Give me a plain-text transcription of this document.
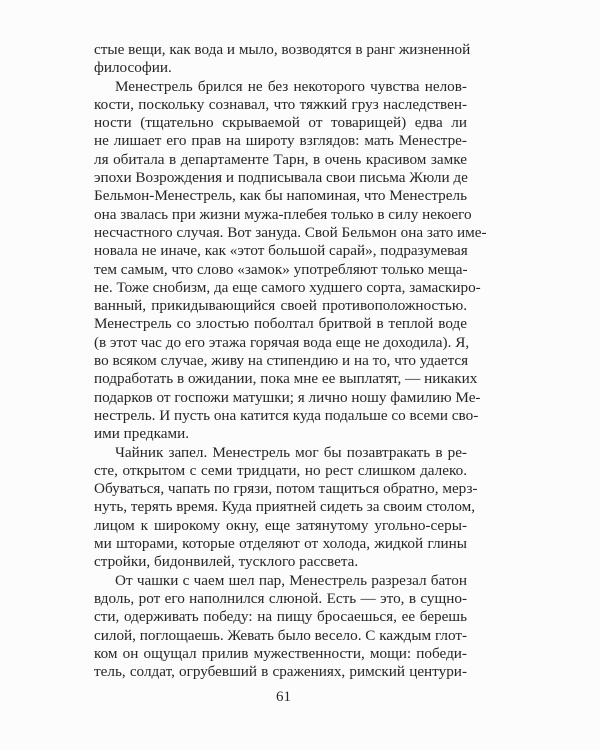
стые вещи, как вода и мыло, возводятся в ранг жизненной
философии.
Менестрель брился не без некоторого чувства нелов-
кости, поскольку сознавал, что тяжкий груз наследствен-
ности (тщательно скрываемой от товарищей) едва ли
не лишает его прав на широту взглядов: мать Менестре-
ля обитала в департаменте Тарн, в очень красивом замке
эпохи Возрождения и подписывала свои письма Жюли де
Бельмон-Менестрель, как бы напоминая, что Менестрель
она звалась при жизни мужа-плебея только в силу некоего
несчастного случая. Вот зануда. Свой Бельмон она зато име-
новала не иначе, как «этот большой сарай», подразумевая
тем самым, что слово «замок» употребляют только меща-
не. Тоже снобизм, да еще самого худшего сорта, замаскиро-
ванный, прикидывающийся своей противоположностью.
Менестрель со злостью поболтал бритвой в теплой воде
(в этот час до его этажа горячая вода еще не доходила). Я,
во всяком случае, живу на стипендию и на то, что удается
подработать в ожидании, пока мне ее выплатят, — никаких
подарков от госпожи матушки; я лично ношу фамилию Ме-
нестрель. И пусть она катится куда подальше со всеми сво-
ими предками.
Чайник запел. Менестрель мог бы позавтракать в ре-
сте, открытом с семи тридцати, но рест слишком далеко.
Обуваться, чапать по грязи, потом тащиться обратно, мерз-
нуть, терять время. Куда приятней сидеть за своим столом,
лицом к широкому окну, еще затянутому угольно-серы-
ми шторами, которые отделяют от холода, жидкой глины
стройки, бидонвилей, тусклого рассвета.
От чашки с чаем шел пар, Менестрель разрезал батон
вдоль, рот его наполнился слюной. Есть — это, в сущно-
сти, одерживать победу: на пищу бросаешься, ее берешь
силой, поглощаешь. Жевать было весело. С каждым глот-
ком он ощущал прилив мужественности, мощи: победи-
тель, солдат, огрубевший в сражениях, римский центури-
61
